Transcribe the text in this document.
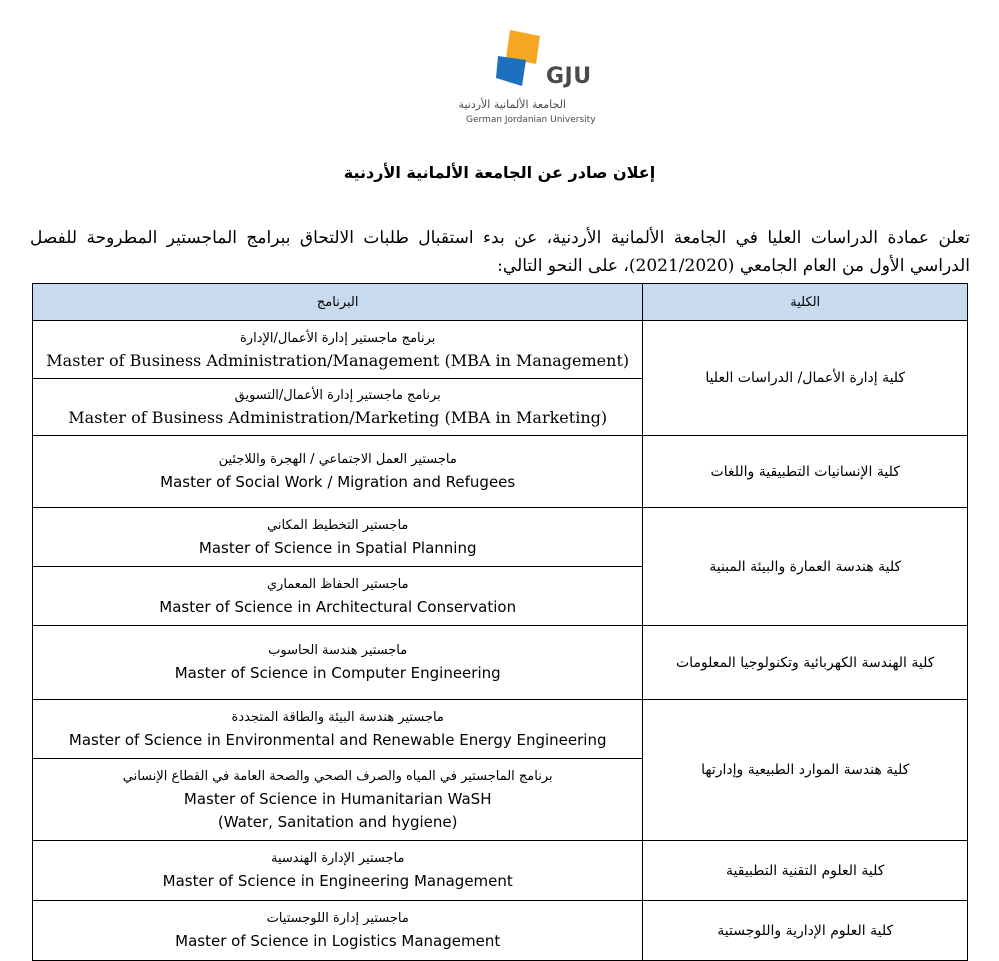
GJU
الجامعة الألمانية الأردنية
German Jordanian University
إعلان صادر عن الجامعة الألمانية الأردنية
تعلن عمادة الدراسات العليا في الجامعة الألمانية الأردنية، عن بدء استقبال طلبات الالتحاق ببرامج الماجستير المطروحة للفصل الدراسي الأول من العام الجامعي (2021/2020)، على النحو التالي:
البرنامج	الكلية

برنامج ماجستير إدارة الأعمال/الإدارة
Master of Business Administration/Management (MBA in Management)	كلية إدارة الأعمال/ الدراسات العليا

برنامج ماجستير إدارة الأعمال/التسويق
Master of Business Administration/Marketing (MBA in Marketing)	

ماجستير العمل الاجتماعي / الهجرة واللاجئين
Master of Social Work / Migration and Refugees	كلية الإنسانيات التطبيقية واللغات

ماجستير التخطيط المكاني
Master of Science in Spatial Planning	كلية هندسة العمارة والبيئة المبنية

ماجستير الحفاظ المعماري
Master of Science in Architectural Conservation	

ماجستير هندسة الحاسوب
Master of Science in Computer Engineering	كلية الهندسة الكهربائية وتكنولوجيا المعلومات

ماجستير هندسة البيئة والطاقة المتجددة
Master of Science in Environmental and Renewable Energy Engineering	كلية هندسة الموارد الطبيعية وإدارتها

برنامج الماجستير في المياه والصرف الصحي والصحة العامة في القطاع الإنساني
Master of Science in Humanitarian WaSH
(Water, Sanitation and hygiene)	

ماجستير الإدارة الهندسية
Master of Science in Engineering Management	كلية العلوم التقنية التطبيقية

ماجستير إدارة اللوجستيات
Master of Science in Logistics Management	كلية العلوم الإدارية واللوجستية
